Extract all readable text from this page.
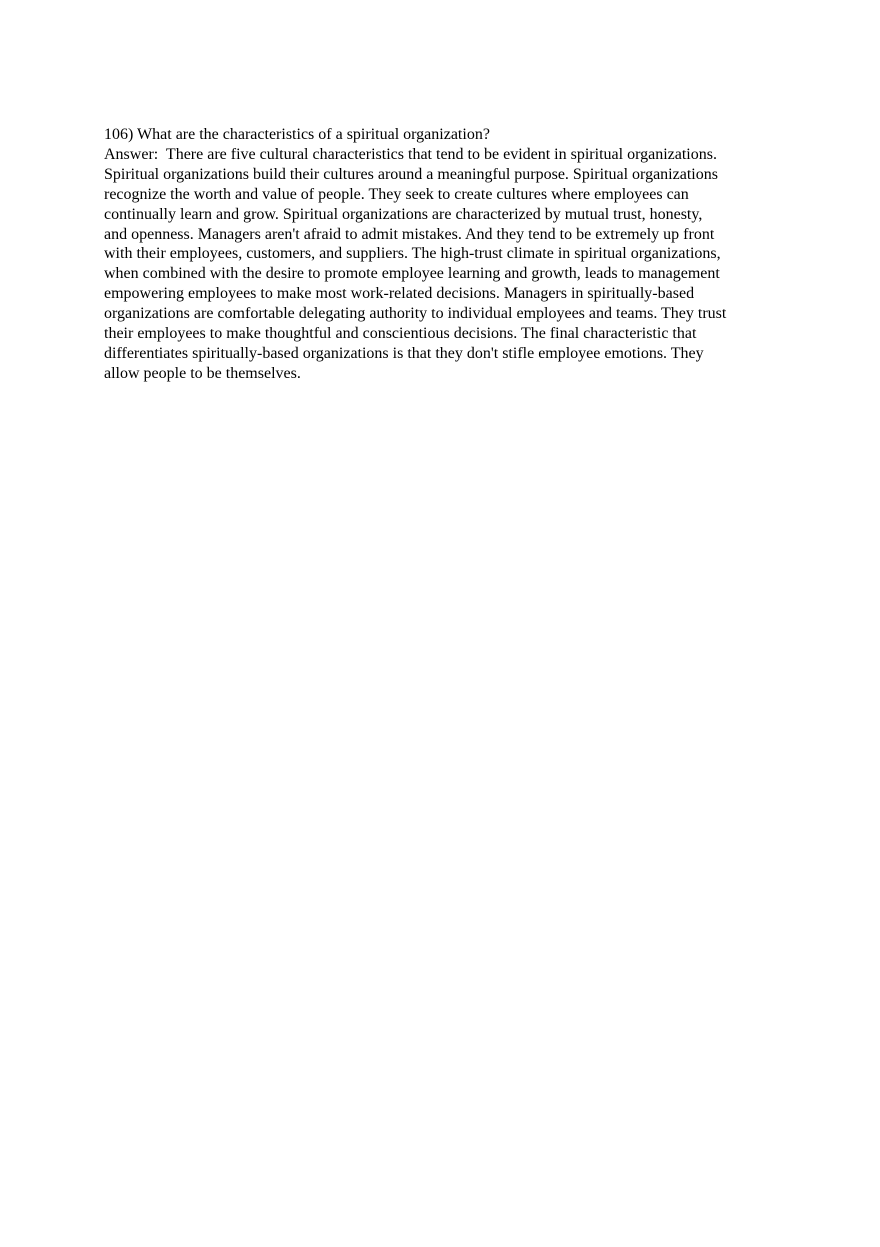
106) What are the characteristics of a spiritual organization?
Answer:  There are five cultural characteristics that tend to be evident in spiritual organizations.
Spiritual organizations build their cultures around a meaningful purpose. Spiritual organizations
recognize the worth and value of people. They seek to create cultures where employees can
continually learn and grow. Spiritual organizations are characterized by mutual trust, honesty,
and openness. Managers aren't afraid to admit mistakes. And they tend to be extremely up front
with their employees, customers, and suppliers. The high-trust climate in spiritual organizations,
when combined with the desire to promote employee learning and growth, leads to management
empowering employees to make most work-related decisions. Managers in spiritually-based
organizations are comfortable delegating authority to individual employees and teams. They trust
their employees to make thoughtful and conscientious decisions. The final characteristic that
differentiates spiritually-based organizations is that they don't stifle employee emotions. They
allow people to be themselves.
